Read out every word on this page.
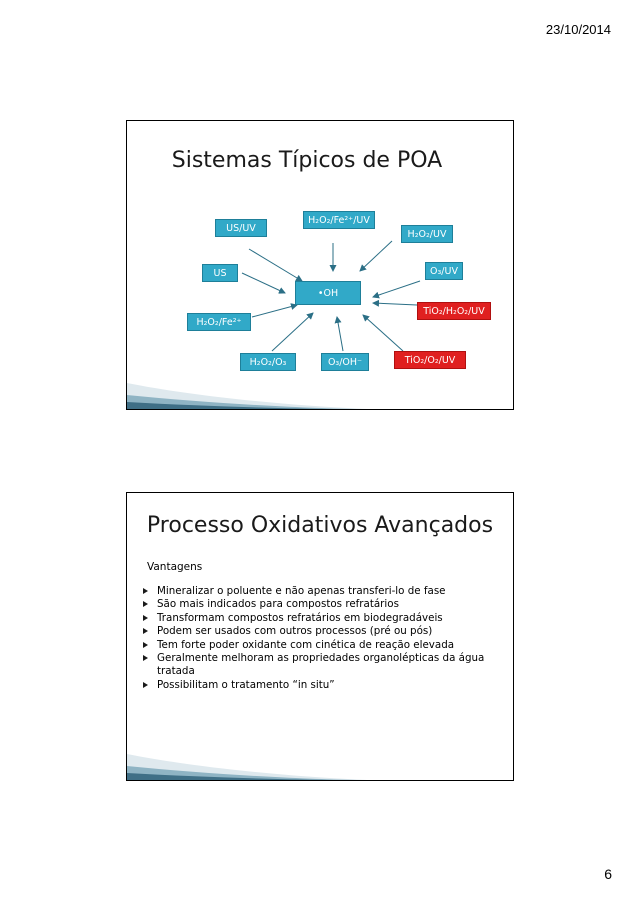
23/10/2014
Sistemas Típicos de POA
US/UV
H₂O₂/Fe²⁺/UV
H₂O₂/UV
US
•OH
O₃/UV
TiO₂/H₂O₂/UV
H₂O₂/Fe²⁺
H₂O₂/O₃	O₃/OH⁻	TiO₂/O₂/UV
Processo Oxidativos Avançados
Vantagens
Mineralizar o poluente e não apenas transferi-lo de fase
São mais indicados para compostos refratários
Transformam compostos refratários em biodegradáveis
Podem ser usados com outros processos (pré ou pós)
Tem forte poder oxidante com cinética de reação elevada
Geralmente melhoram as propriedades organolépticas da água tratada
Possibilitam o tratamento “in situ”
6
